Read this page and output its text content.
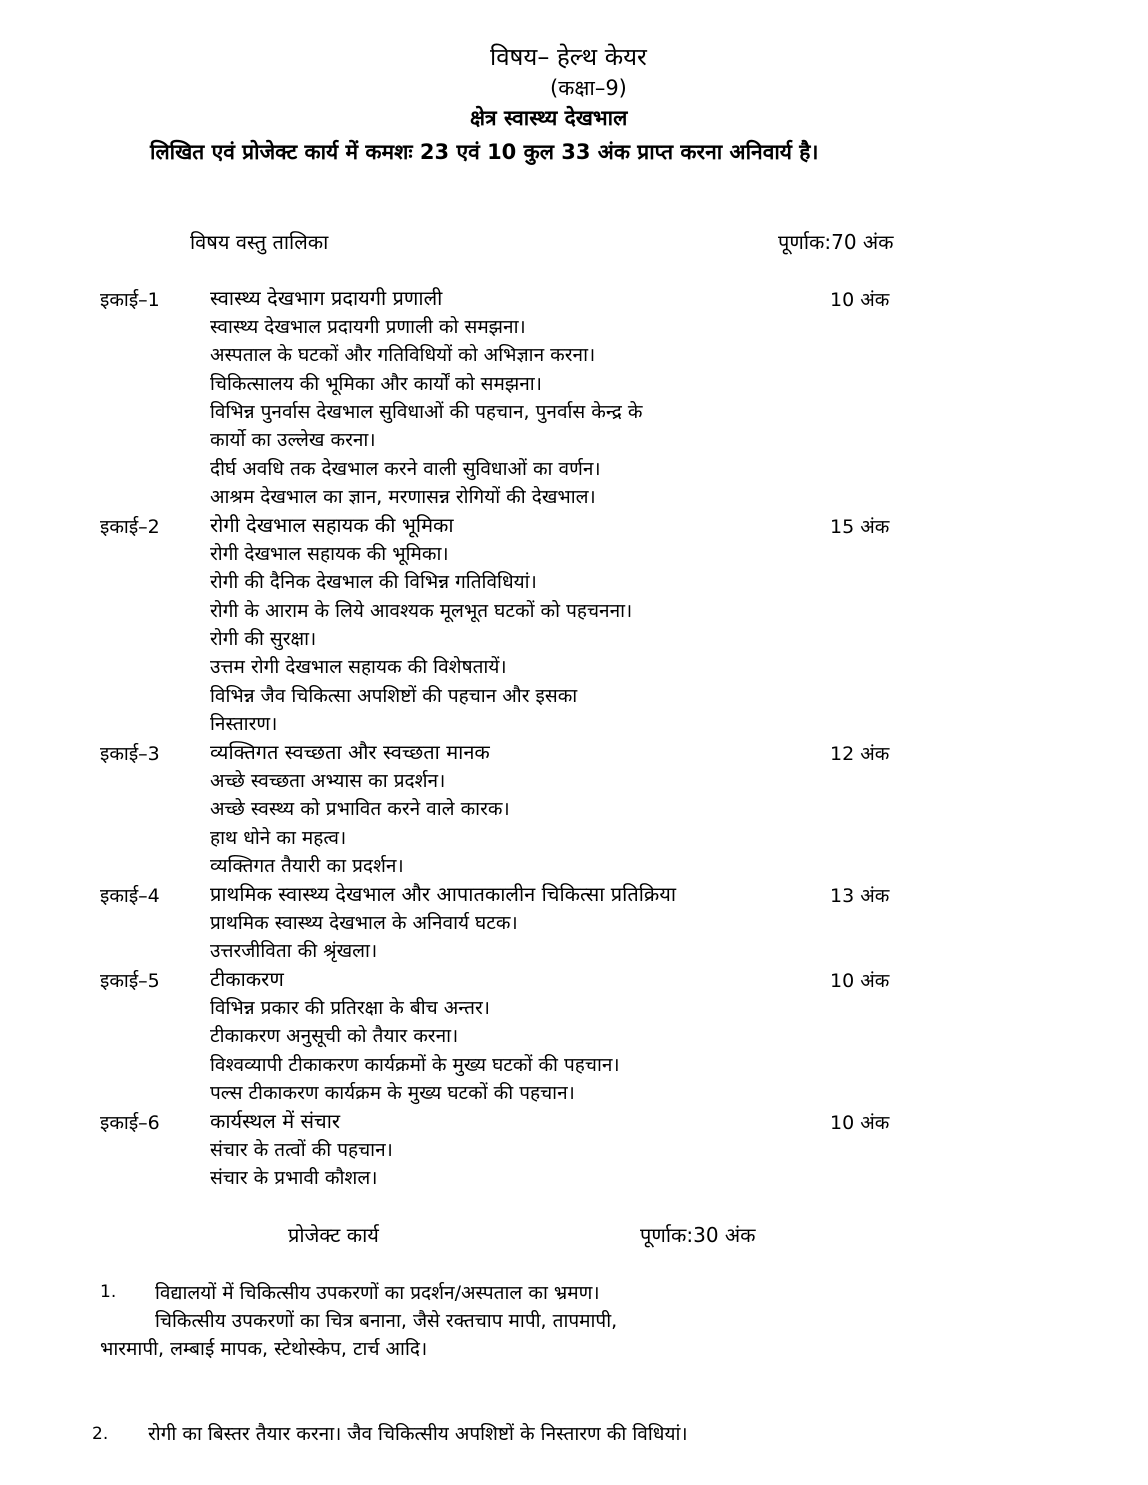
विषय– हेल्थ केयर
(कक्षा–9)
क्षेत्र स्वास्थ्य देखभाल
लिखित एवं प्रोजेक्ट कार्य में कमशः 23 एवं 10 कुल 33 अंक प्राप्त करना अनिवार्य है।
विषय वस्तु तालिका	पूर्णाक:70 अंक
इकाई–1	स्वास्थ्य देखभाग प्रदायगी प्रणाली	10 अंक
स्वास्थ्य देखभाल प्रदायगी प्रणाली को समझना।
अस्पताल के घटकों और गतिविधियों को अभिज्ञान करना।
चिकित्सालय की भूमिका और कार्यों को समझना।
विभिन्न पुनर्वास देखभाल सुविधाओं की पहचान, पुनर्वास केन्द्र के
कार्यो का उल्लेख करना।
दीर्घ अवधि तक देखभाल करने वाली सुविधाओं का वर्णन।
आश्रम देखभाल का ज्ञान, मरणासन्न रोगियों की देखभाल।
इकाई–2	रोगी देखभाल सहायक की भूमिका	15 अंक
रोगी देखभाल सहायक की भूमिका।
रोगी की दैनिक देखभाल की विभिन्न गतिविधियां।
रोगी के आराम के लिये आवश्यक मूलभूत घटकों को पहचनना।
रोगी की सुरक्षा।
उत्तम रोगी देखभाल सहायक की विशेषतायें।
विभिन्न जैव चिकित्सा अपशिष्टों की पहचान और इसका
निस्तारण।
इकाई–3	व्यक्तिगत स्वच्छता और स्वच्छता मानक	12 अंक
अच्छे स्वच्छता अभ्यास का प्रदर्शन।
अच्छे स्वस्थ्य को प्रभावित करने वाले कारक।
हाथ धोने का महत्व।
व्यक्तिगत तैयारी का प्रदर्शन।
इकाई–4	प्राथमिक स्वास्थ्य देखभाल और आपातकालीन चिकित्सा प्रतिक्रिया	13 अंक
प्राथमिक स्वास्थ्य देखभाल के अनिवार्य घटक।
उत्तरजीविता की श्रृंखला।
इकाई–5	टीकाकरण	10 अंक
विभिन्न प्रकार की प्रतिरक्षा के बीच अन्तर।
टीकाकरण अनुसूची को तैयार करना।
विश्वव्यापी टीकाकरण कार्यक्रमों के मुख्य घटकों की पहचान।
पल्स टीकाकरण कार्यक्रम के मुख्य घटकों की पहचान।
इकाई–6	कार्यस्थल में संचार	10 अंक
संचार के तत्वों की पहचान।
संचार के प्रभावी कौशल।
प्रोजेक्ट कार्य	पूर्णाक:30 अंक
1. विद्यालयों में चिकित्सीय उपकरणों का प्रदर्शन/अस्पताल का भ्रमण।
चिकित्सीय उपकरणों का चित्र बनाना, जैसे रक्तचाप मापी, तापमापी,
भारमापी, लम्बाई मापक, स्टेथोस्केप, टार्च आदि।
2. रोगी का बिस्तर तैयार करना। जैव चिकित्सीय अपशिष्टों के निस्तारण की विधियां।
